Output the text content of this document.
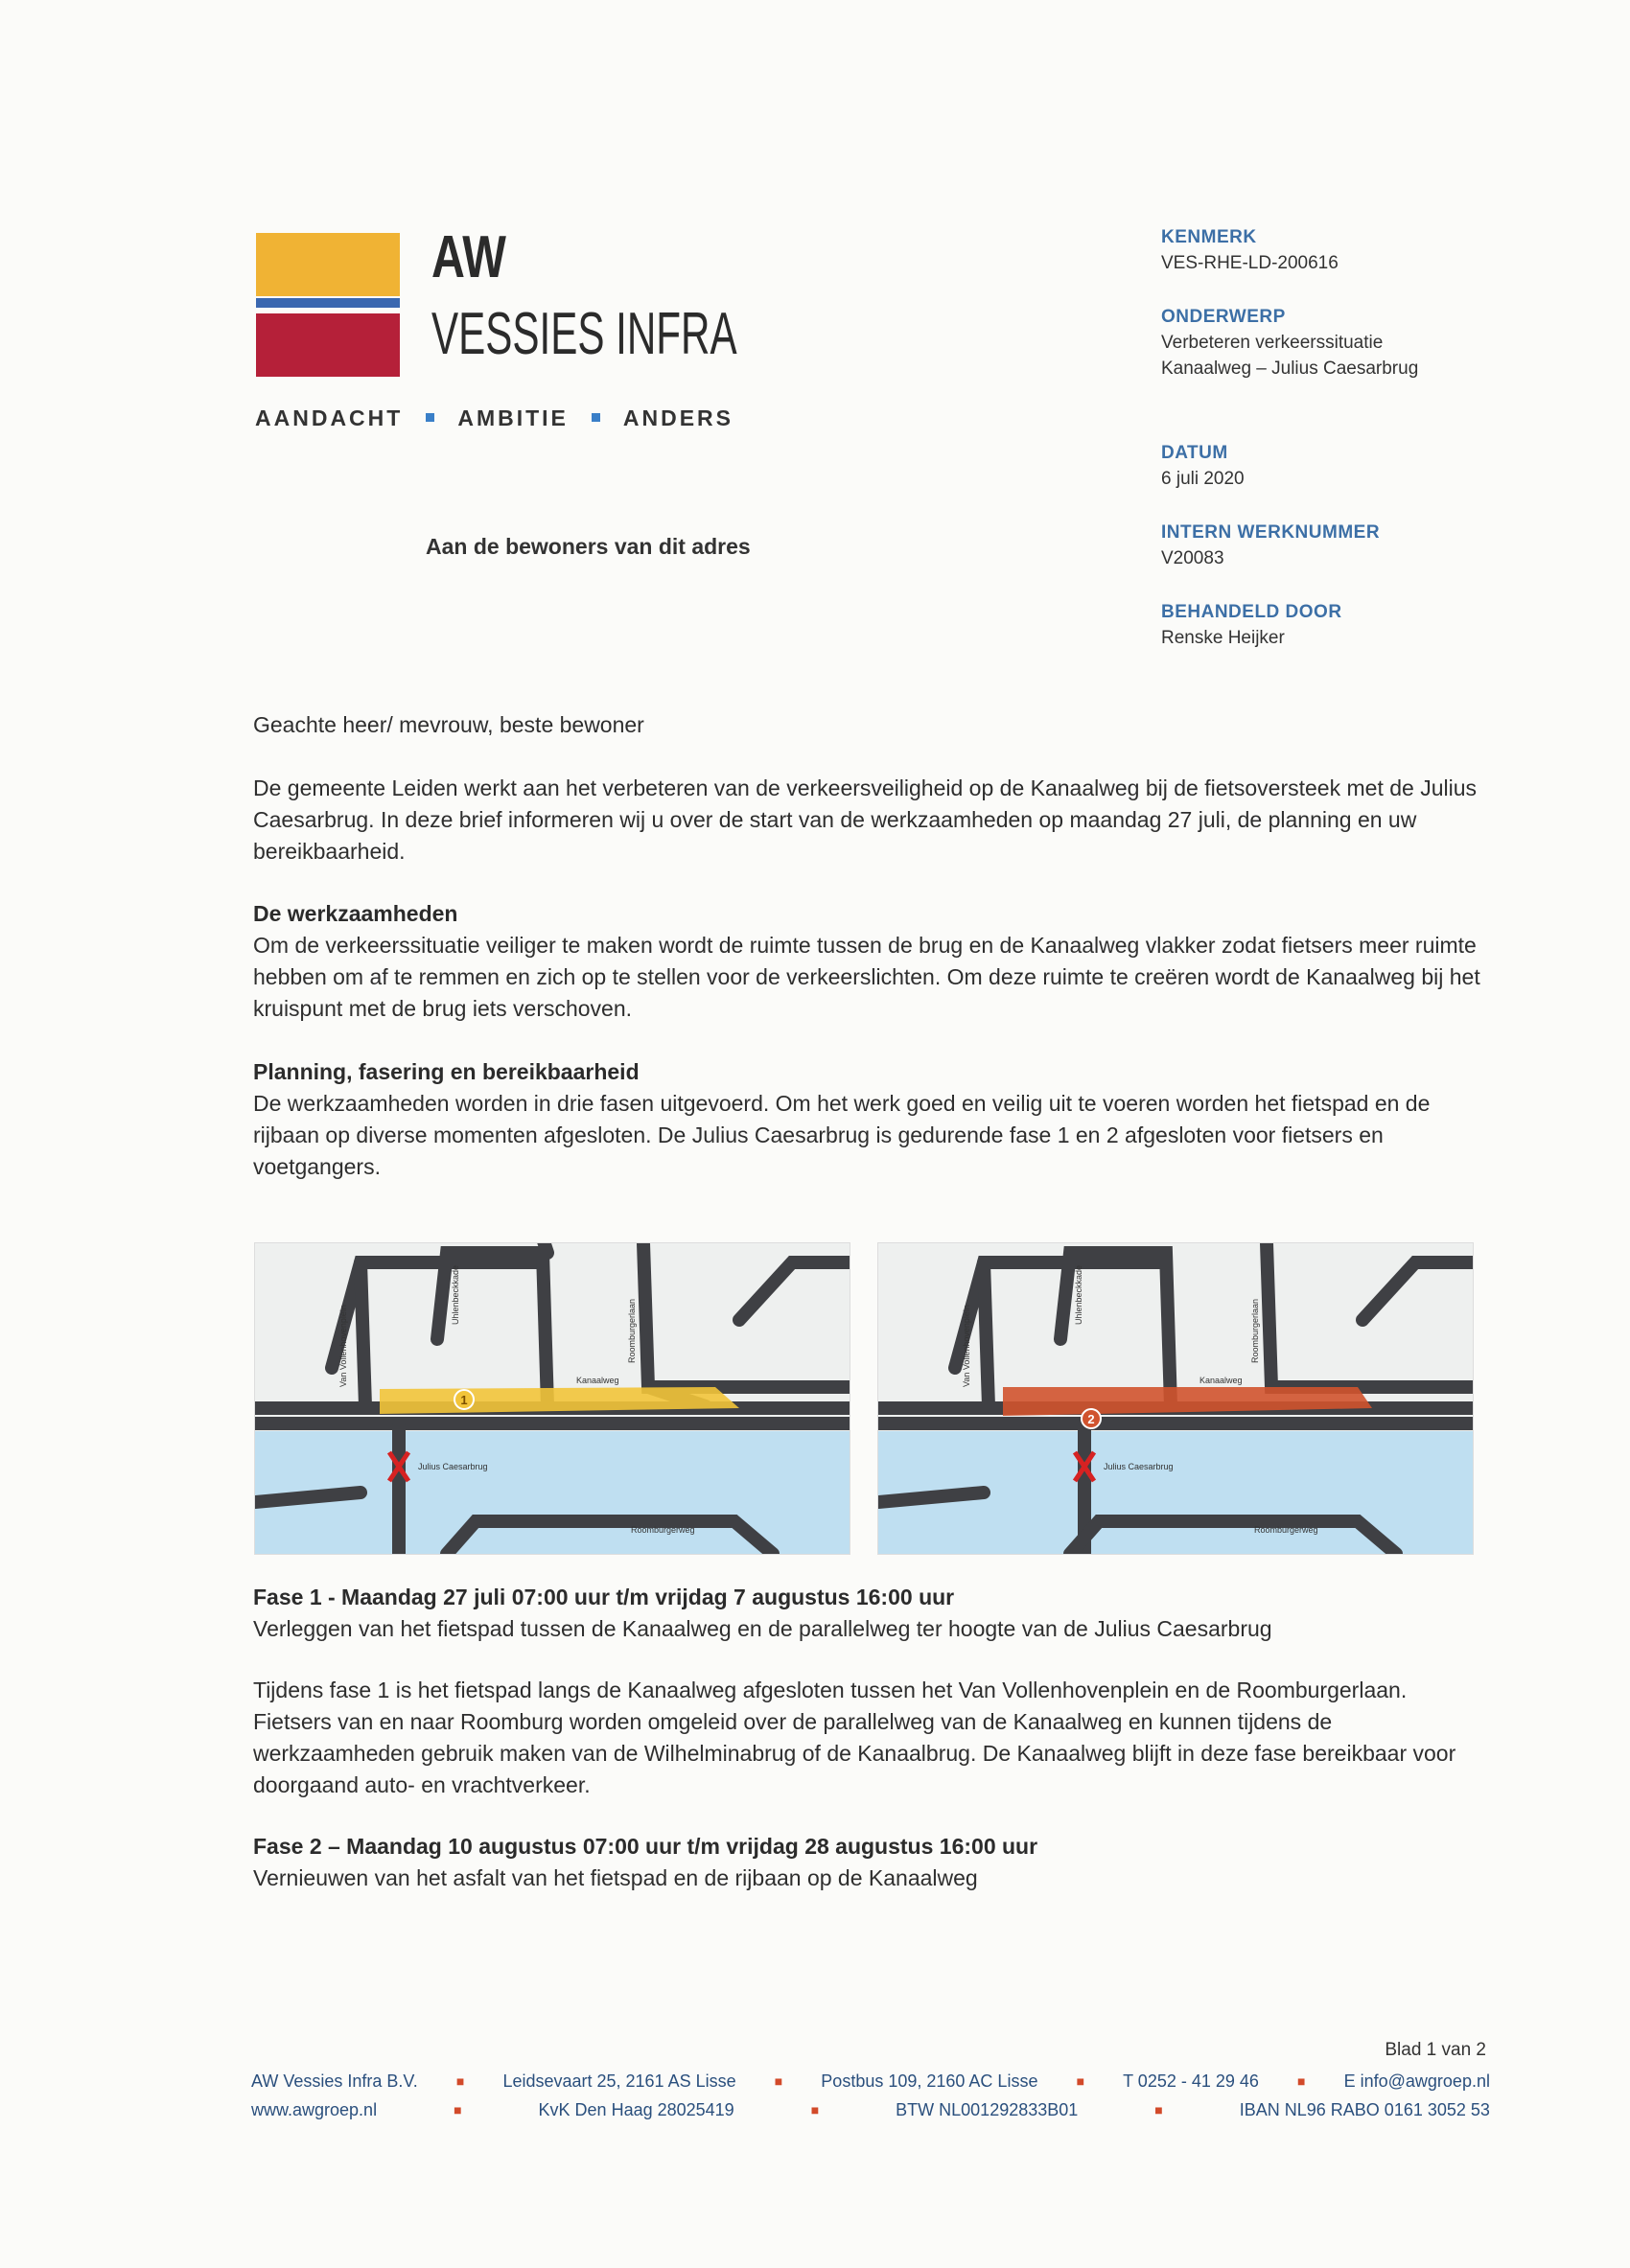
AW
VESSIES INFRA
AANDACHT AMBITIE ANDERS
KENMERK
VES-RHE-LD-200616
ONDERWERP
Verbeteren verkeerssituatie
Kanaalweg – Julius Caesarbrug
DATUM
6 juli 2020
INTERN WERKNUMMER
V20083
BEHANDELD DOOR
Renske Heijker
Aan de bewoners van dit adres
Geachte heer/ mevrouw, beste bewoner
De gemeente Leiden werkt aan het verbeteren van de verkeersveiligheid op de Kanaalweg bij de fietsoversteek met de Julius Caesarbrug. In deze brief informeren wij u over de start van de werkzaamheden op maandag 27 juli, de planning en uw bereikbaarheid.

De werkzaamheden

Om de verkeerssituatie veiliger te maken wordt de ruimte tussen de brug en de Kanaalweg vlakker zodat fietsers meer ruimte hebben om af te remmen en zich op te stellen voor de verkeerslichten. Om deze ruimte te creëren wordt de Kanaalweg bij het kruispunt met de brug iets verschoven.

Planning, fasering en bereikbaarheid

De werkzaamheden worden in drie fasen uitgevoerd. Om het werk goed en veilig uit te voeren worden het fietspad en de rijbaan op diverse momenten afgesloten. De Julius Caesarbrug is gedurende fase 1 en 2 afgesloten voor fietsers en voetgangers.

1
Van Vollenhovenplein
Uhlenbeckkade
Roomburgerlaan
Kanaalweg
Julius Caesarbrug
Roomburgerweg
2
Van Vollenhovenplein
Uhlenbeckkade
Roomburgerlaan
Kanaalweg
Julius Caesarbrug
Roomburgerweg

Fase 1 - Maandag 27 juli 07:00 uur t/m vrijdag 7 augustus 16:00 uur

Verleggen van het fietspad tussen de Kanaalweg en de parallelweg ter hoogte van de Julius Caesarbrug

Tijdens fase 1 is het fietspad langs de Kanaalweg afgesloten tussen het Van Vollenhovenplein en de Roomburgerlaan. Fietsers van en naar Roomburg worden omgeleid over de parallelweg van de Kanaalweg en kunnen tijdens de werkzaamheden gebruik maken van de Wilhelminabrug of de Kanaalbrug. De Kanaalweg blijft in deze fase bereikbaar voor doorgaand auto- en vrachtverkeer.

Fase 2 – Maandag 10 augustus 07:00 uur t/m vrijdag 28 augustus 16:00 uur

Vernieuwen van het asfalt van het fietspad en de rijbaan op de Kanaalweg

Blad 1 van 2
AW Vessies Infra B.V.	■ Leidsevaart 25, 2161 AS Lisse	■ Postbus 109, 2160 AC Lisse	■ T 0252 - 41 29 46	■ E info@awgroep.nl
www.awgroep.nl	■	KvK Den Haag 28025419	■	BTW NL001292833B01	■	IBAN NL96 RABO 0161 3052 53
